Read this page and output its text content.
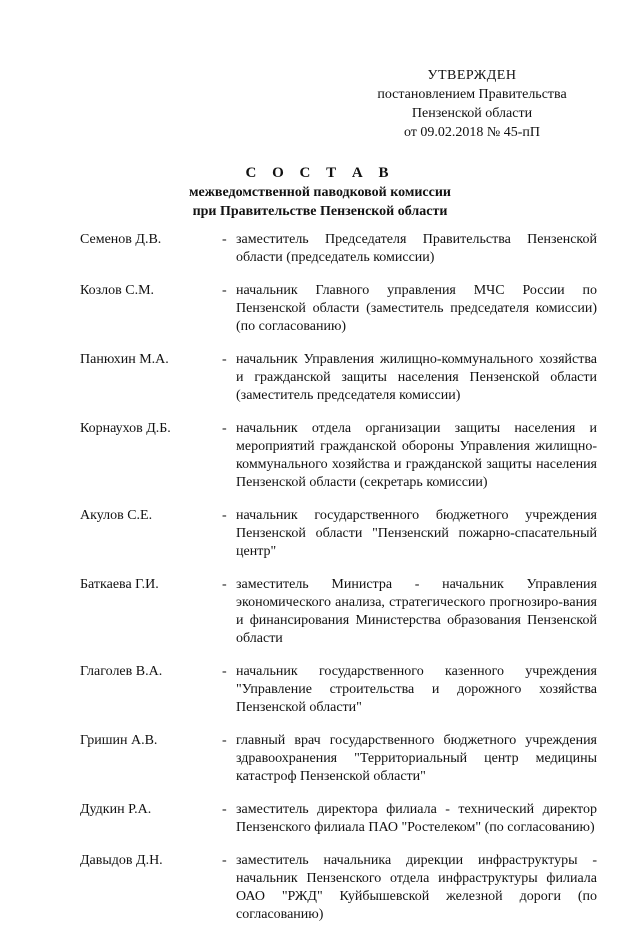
УТВЕРЖДЕН
постановлением Правительства
Пензенской области
от 09.02.2018 № 45-пП
С О С Т А В
межведомственной паводковой комиссии
при Правительстве Пензенской области
Семенов Д.В.	- заместитель Председателя Правительства Пензенской области (председатель комиссии)
Козлов С.М.	- начальник Главного управления МЧС России по Пензенской области (заместитель председателя комиссии) (по согласованию)
Панюхин М.А.	- начальник Управления жилищно-коммунального хозяйства и гражданской защиты населения Пензенской области (заместитель председателя комиссии)
Корнаухов Д.Б.	- начальник отдела организации защиты населения и мероприятий гражданской обороны Управления жилищно-коммунального хозяйства и гражданской защиты населения Пензенской области (секретарь комиссии)
Акулов С.Е.	- начальник государственного бюджетного учреждения Пензенской области "Пензенский пожарно-спасательный центр"
Баткаева Г.И.	- заместитель Министра - начальник Управления экономического анализа, стратегического прогнозиро-вания и финансирования Министерства образования Пензенской области
Глаголев В.А.	- начальник государственного казенного учреждения "Управление строительства и дорожного хозяйства Пензенской области"
Гришин А.В.	- главный врач государственного бюджетного учреждения здравоохранения "Территориальный центр медицины катастроф Пензенской области"
Дудкин Р.А.	- заместитель директора филиала - технический директор Пензенского филиала ПАО "Ростелеком" (по согласованию)
Давыдов Д.Н.	- заместитель начальника дирекции инфраструктуры - начальник Пензенского отдела инфраструктуры филиала ОАО "РЖД" Куйбышевской железной дороги (по согласованию)
